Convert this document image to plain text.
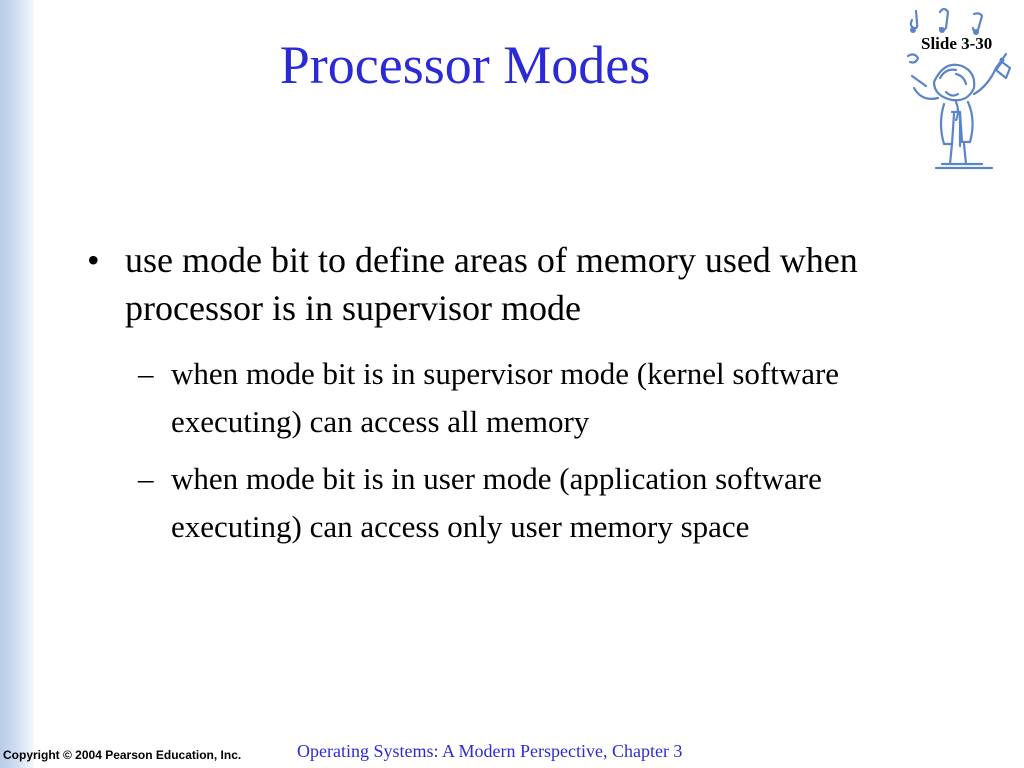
Processor Modes	Slide 3-30
• use mode bit to define areas of memory used when processor is in supervisor mode
– when mode bit is in supervisor mode (kernel software executing) can access all memory
– when mode bit is in user mode (application software executing) can access only user memory space
Copyright © 2004 Pearson Education, Inc.	Operating Systems: A Modern Perspective, Chapter 3
